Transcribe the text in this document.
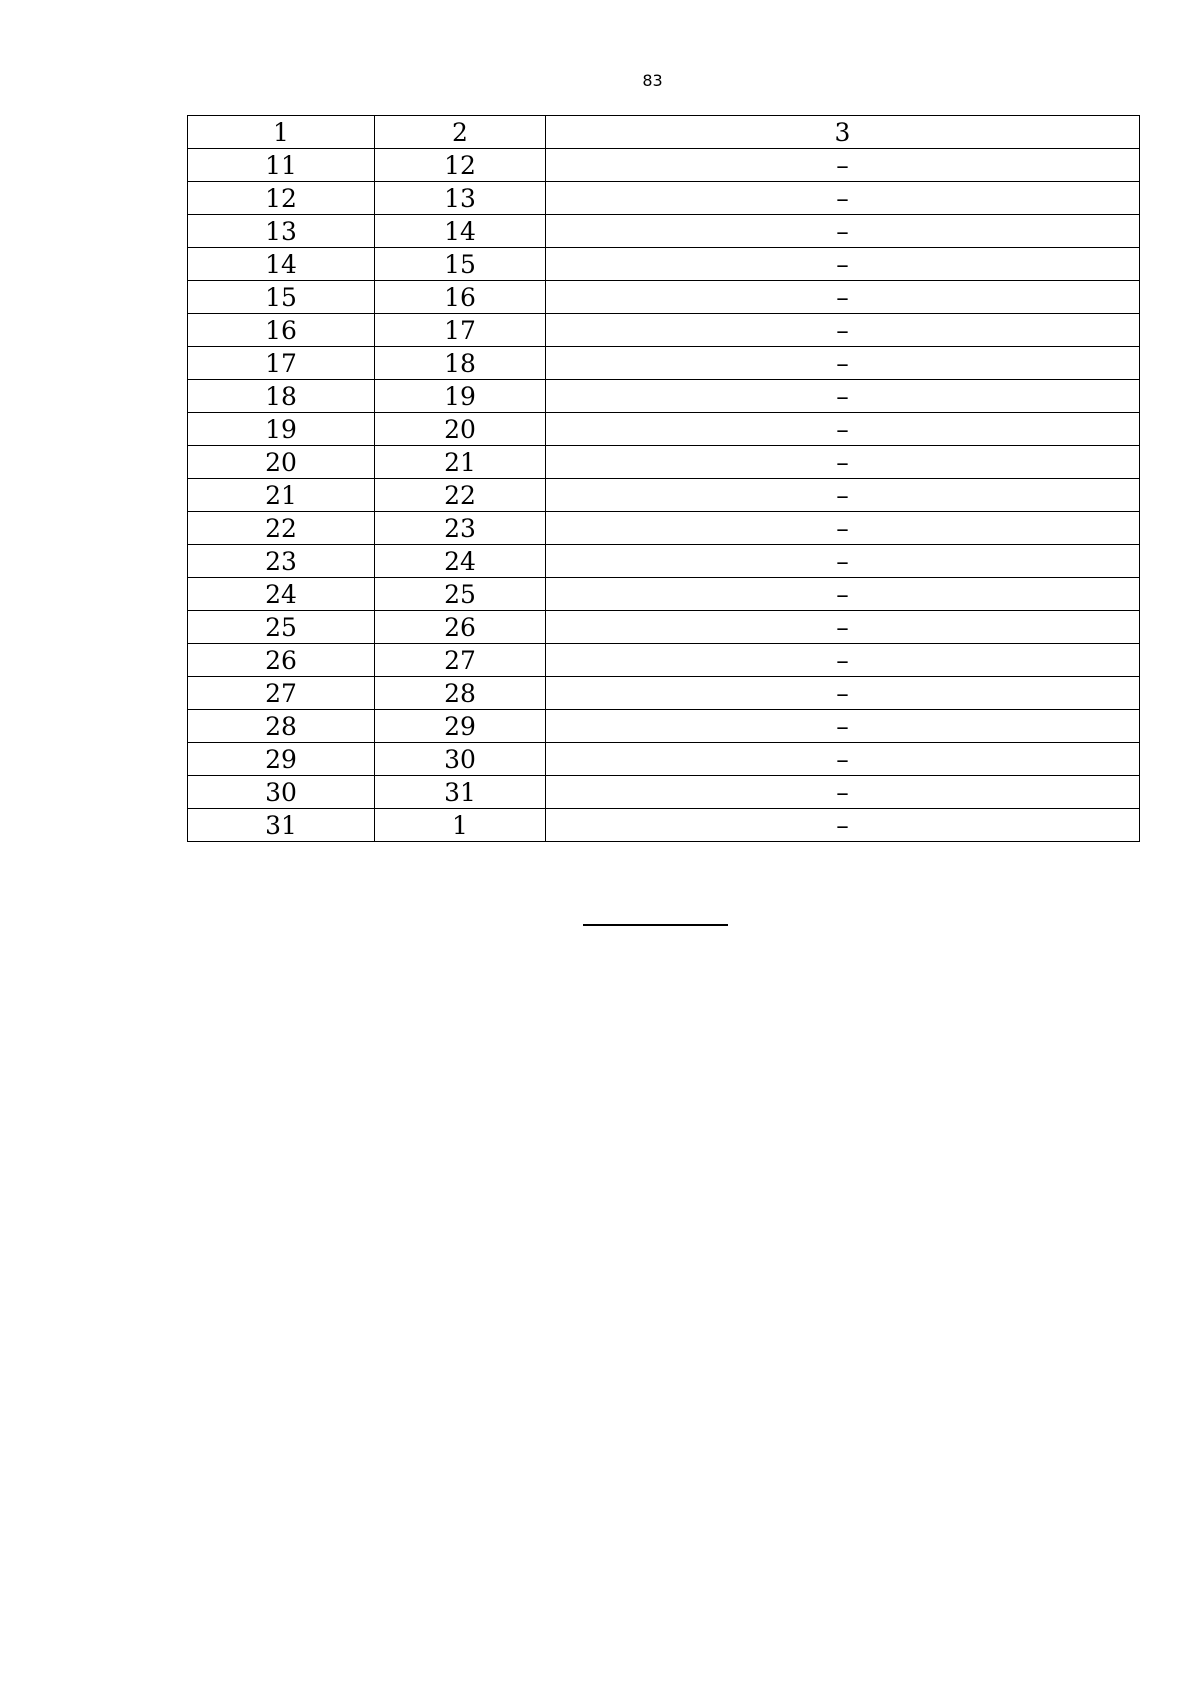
83
1	2	3
11	12	–
12	13	–
13	14	–
14	15	–
15	16	–
16	17	–
17	18	–
18	19	–
19	20	–
20	21	–
21	22	–
22	23	–
23	24	–
24	25	–
25	26	–
26	27	–
27	28	–
28	29	–
29	30	–
30	31	–
31	1	–
